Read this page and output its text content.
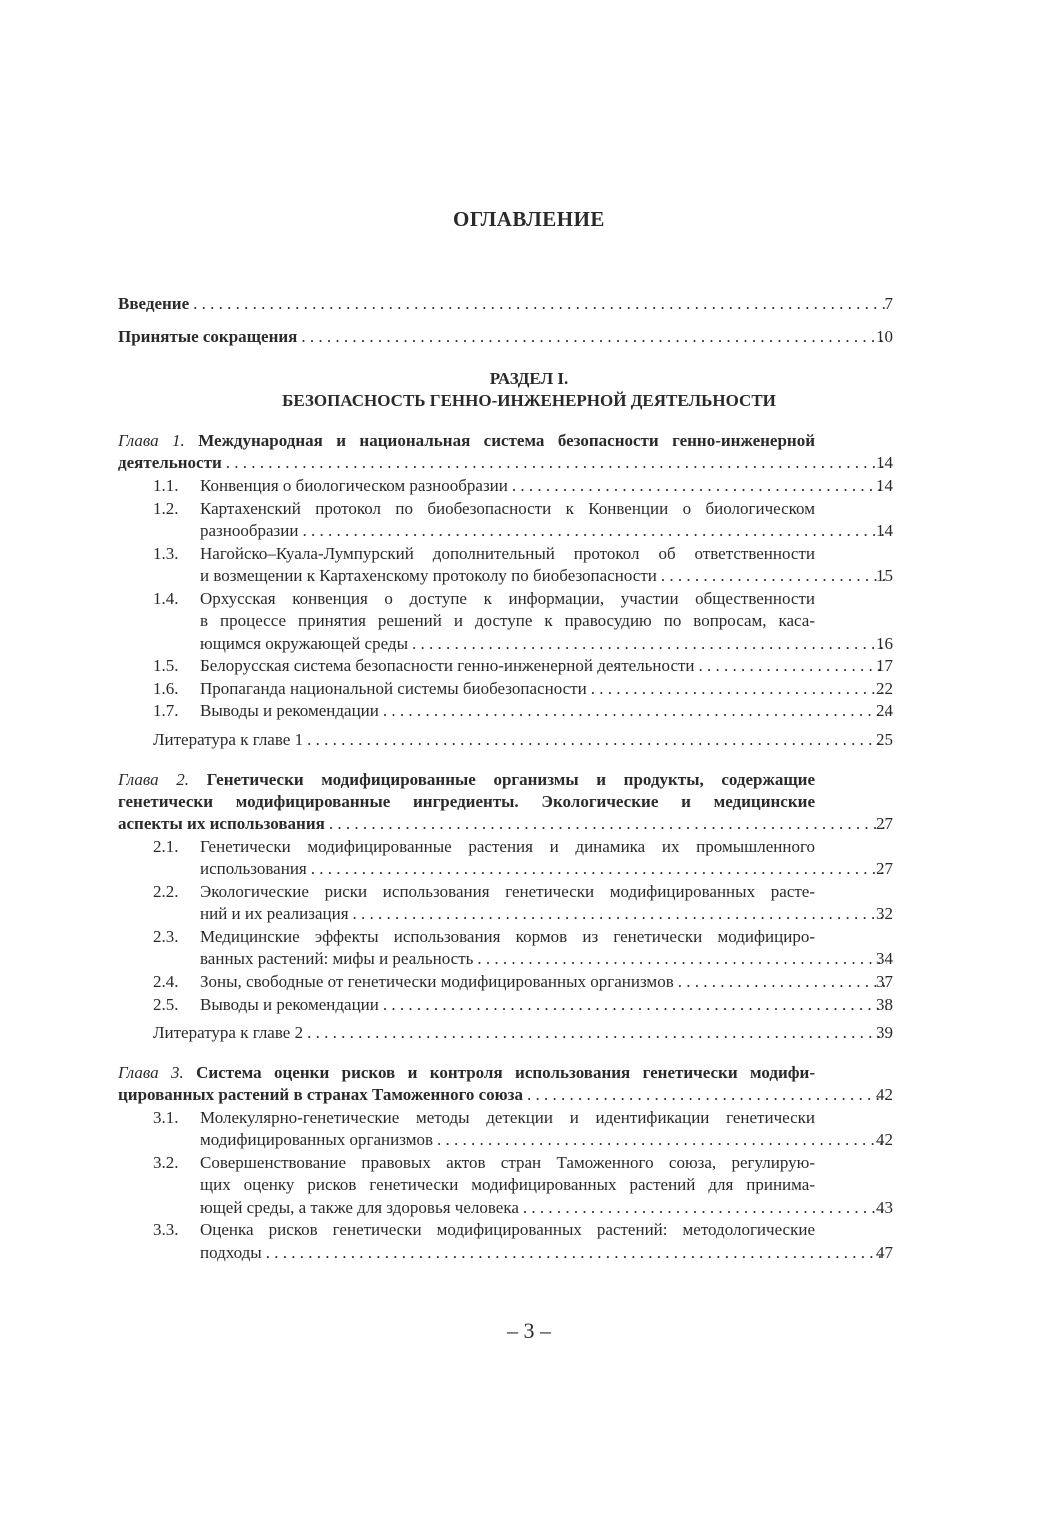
ОГЛАВЛЕНИЕ
Введение . . .	7
Принятые сокращения . . .	10
РАЗДЕЛ I.
БЕЗОПАСНОСТЬ ГЕННО-ИНЖЕНЕРНОЙ ДЕЯТЕЛЬНОСТИ
Глава 1. Международная и национальная система безопасности генно-инженерной
деятельности . . .	14
1.1.	Конвенция о биологическом разнообразии . . .	14
1.2.	Картахенский протокол по биобезопасности к Конвенции о биологическом
разнообразии . . .	14
1.3.	Нагойско–Куала-Лумпурский дополнительный протокол об ответственности
и возмещении к Картахенскому протоколу по биобезопасности . . .	15
1.4.	Орхусская конвенция о доступе к информации, участии общественности
в процессе принятия решений и доступе к правосудию по вопросам, каса-
ющимся окружающей среды . . .	16
1.5.	Белорусская система безопасности генно-инженерной деятельности . . .	17
1.6.	Пропаганда национальной системы биобезопасности . . .	22
1.7.	Выводы и рекомендации . . .	24
Литература к главе 1 . . .	25
Глава 2. Генетически модифицированные организмы и продукты, содержащие
генетически модифицированные ингредиенты. Экологические и медицинские
аспекты их использования . . .	27
2.1.	Генетически модифицированные растения и динамика их промышленного
использования . . .	27
2.2.	Экологические риски использования генетически модифицированных расте-
ний и их реализация . . .	32
2.3.	Медицинские эффекты использования кормов из генетически модифициро-
ванных растений: мифы и реальность . . .	34
2.4.	Зоны, свободные от генетически модифицированных организмов . . .	37
2.5.	Выводы и рекомендации . . .	38
Литература к главе 2 . . .	39
Глава 3. Система оценки рисков и контроля использования генетически модифи-
цированных растений в странах Таможенного союза . . .	42
3.1.	Молекулярно-генетические методы детекции и идентификации генетически
модифицированных организмов . . .	42
3.2.	Совершенствование правовых актов стран Таможенного союза, регулирую-
щих оценку рисков генетически модифицированных растений для принима-
ющей среды, а также для здоровья человека . . .	43
3.3.	Оценка рисков генетически модифицированных растений: методологические
подходы . . .	47
– 3 –
